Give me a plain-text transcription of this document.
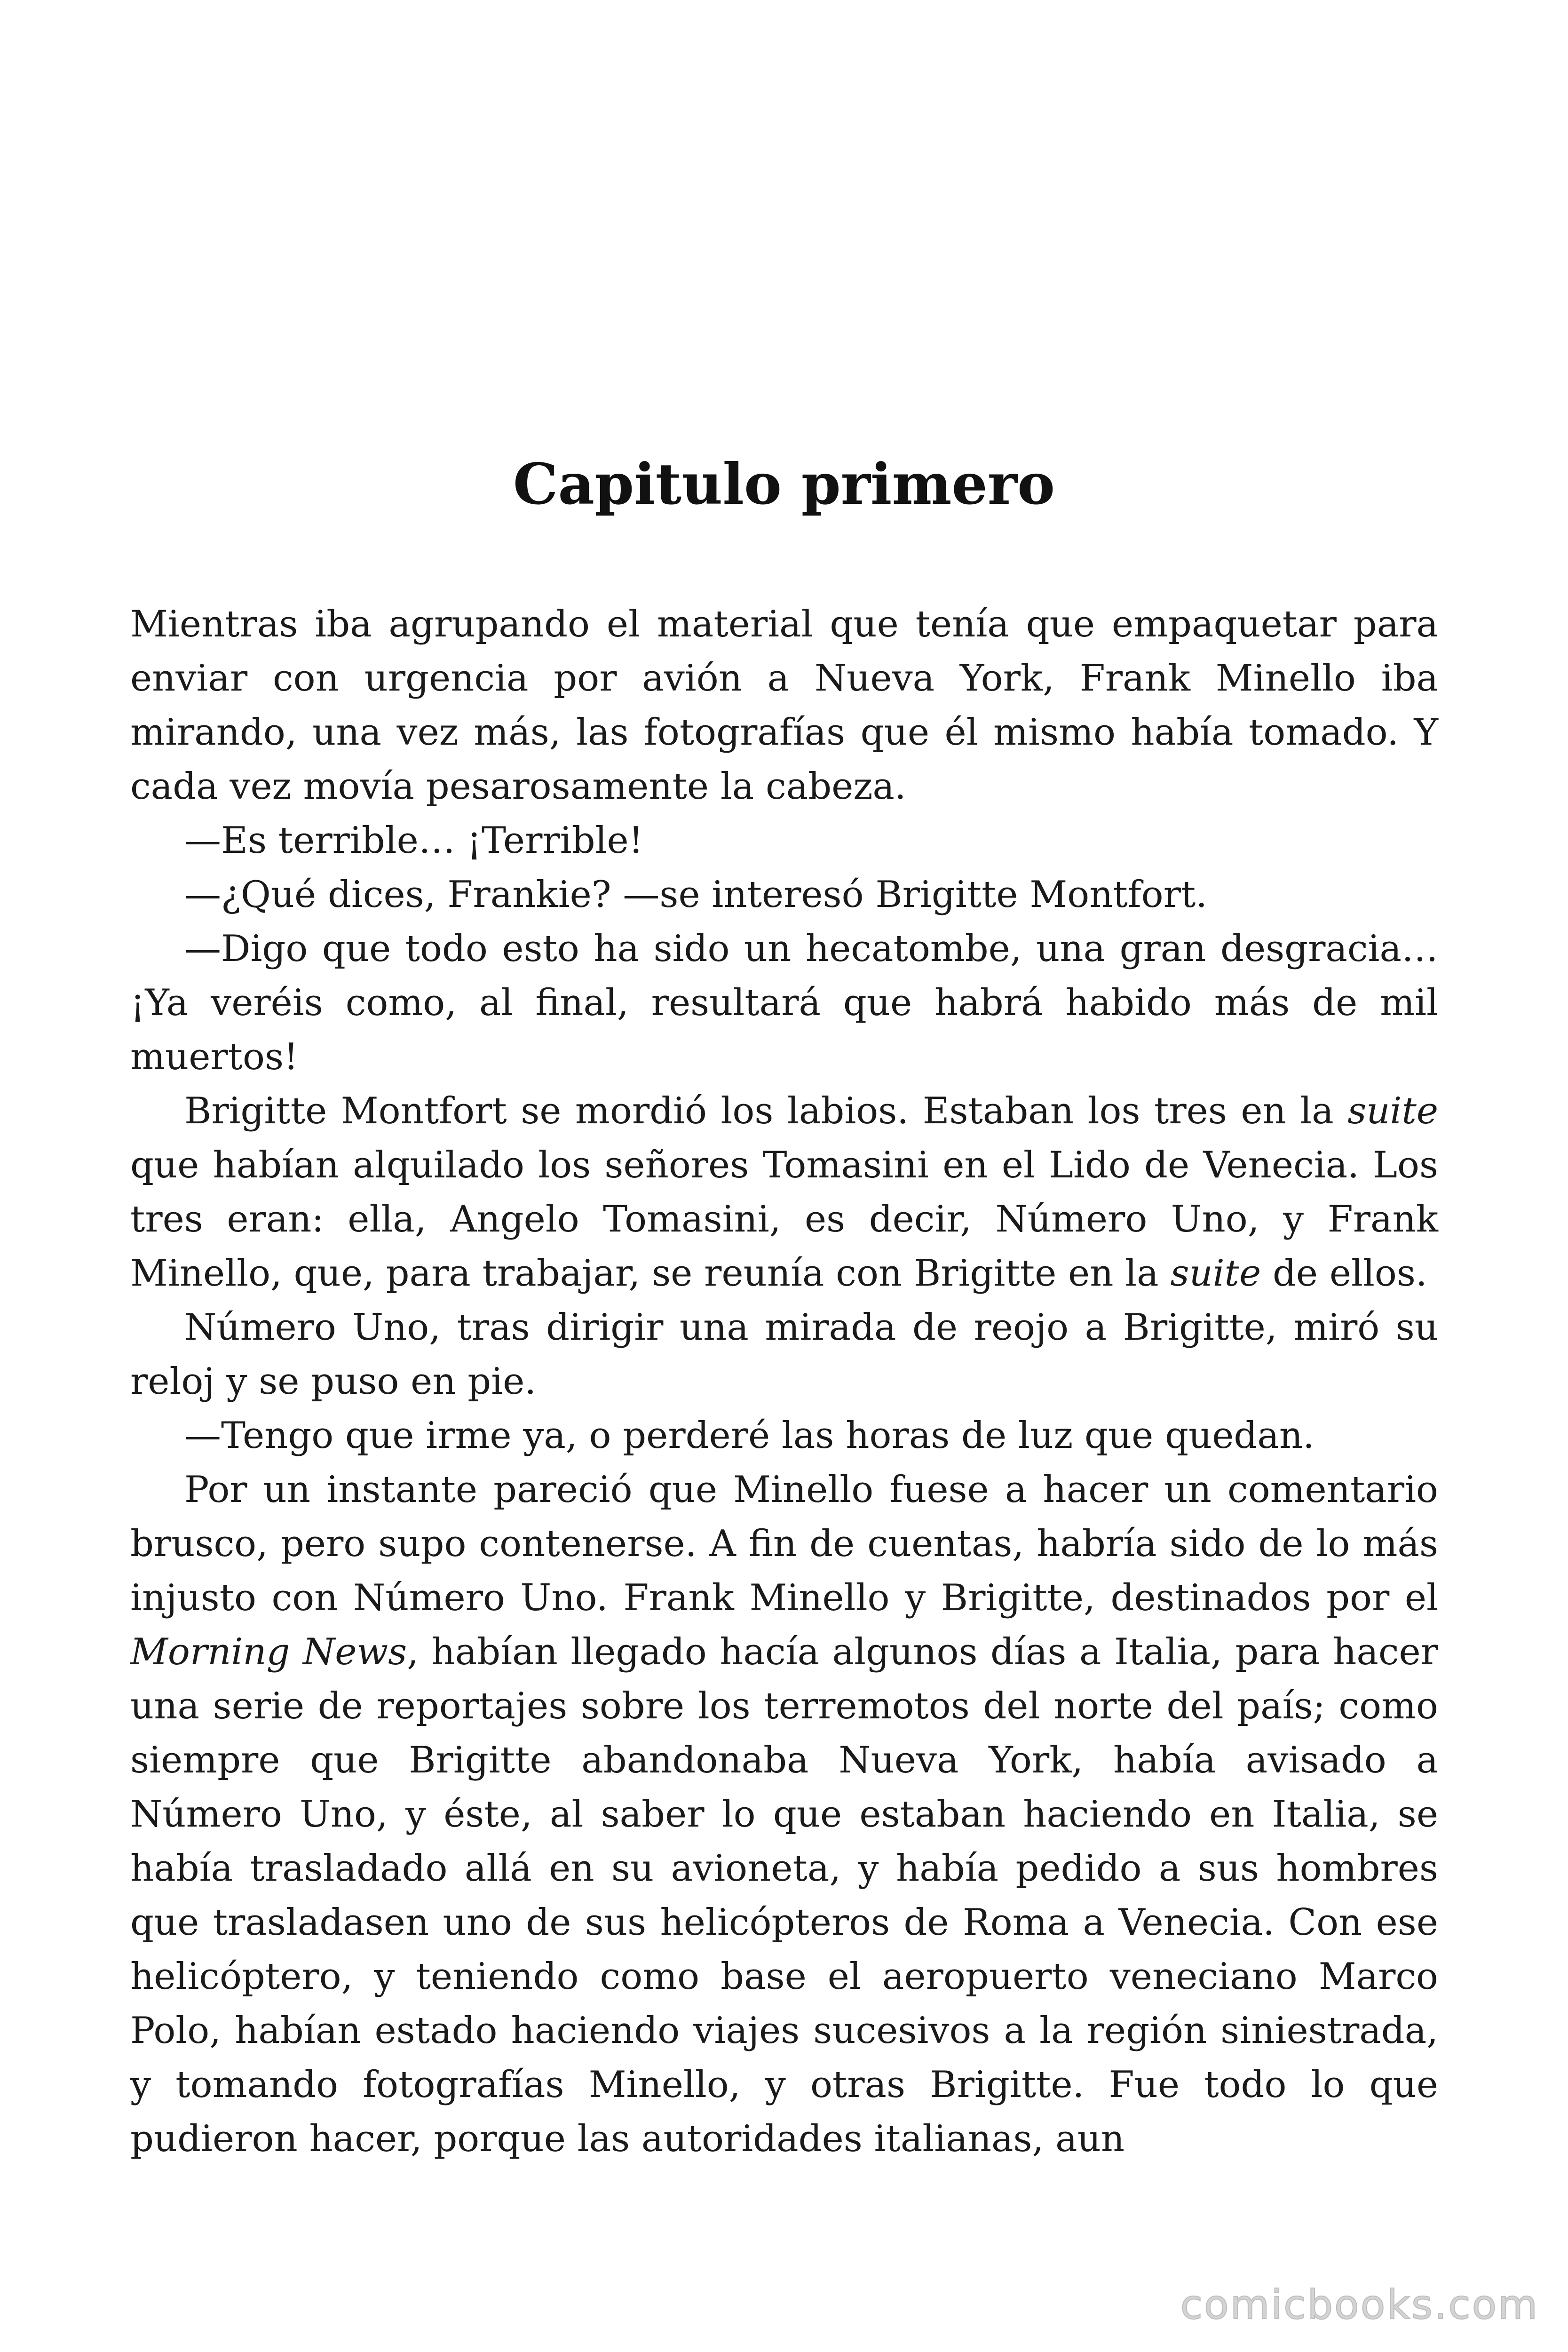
Capitulo primero

Mientras iba agrupando el material que tenía que empaquetar para enviar con urgencia por avión a Nueva York, Frank Minello iba mirando, una vez más, las fotografías que él mismo había tomado. Y cada vez movía pesarosamente la cabeza.

—Es terrible… ¡Terrible!

—¿Qué dices, Frankie? —se interesó Brigitte Montfort.

—Digo que todo esto ha sido un hecatombe, una gran desgracia… ¡Ya veréis como, al final, resultará que habrá habido más de mil muertos!

Brigitte Montfort se mordió los labios. Estaban los tres en la suite que habían alquilado los señores Tomasini en el Lido de Venecia. Los tres eran: ella, Angelo Tomasini, es decir, Número Uno, y Frank Minello, que, para trabajar, se reunía con Brigitte en la suite de ellos.

Número Uno, tras dirigir una mirada de reojo a Brigitte, miró su reloj y se puso en pie.

—Tengo que irme ya, o perderé las horas de luz que quedan.

Por un instante pareció que Minello fuese a hacer un comentario brusco, pero supo contenerse. A fin de cuentas, habría sido de lo más injusto con Número Uno. Frank Minello y Brigitte, destinados por el Morning News, habían llegado hacía algunos días a Italia, para hacer una serie de reportajes sobre los terremotos del norte del país; como siempre que Brigitte abandonaba Nueva York, había avisado a Número Uno, y éste, al saber lo que estaban haciendo en Italia, se había trasladado allá en su avioneta, y había pedido a sus hombres que trasladasen uno de sus helicópteros de Roma a Venecia. Con ese helicóptero, y teniendo como base el aeropuerto veneciano Marco Polo, habían estado haciendo viajes sucesivos a la región siniestrada, y tomando fotografías Minello, y otras Brigitte. Fue todo lo que pudieron hacer, porque las autoridades italianas, aun

comicbooks.com
